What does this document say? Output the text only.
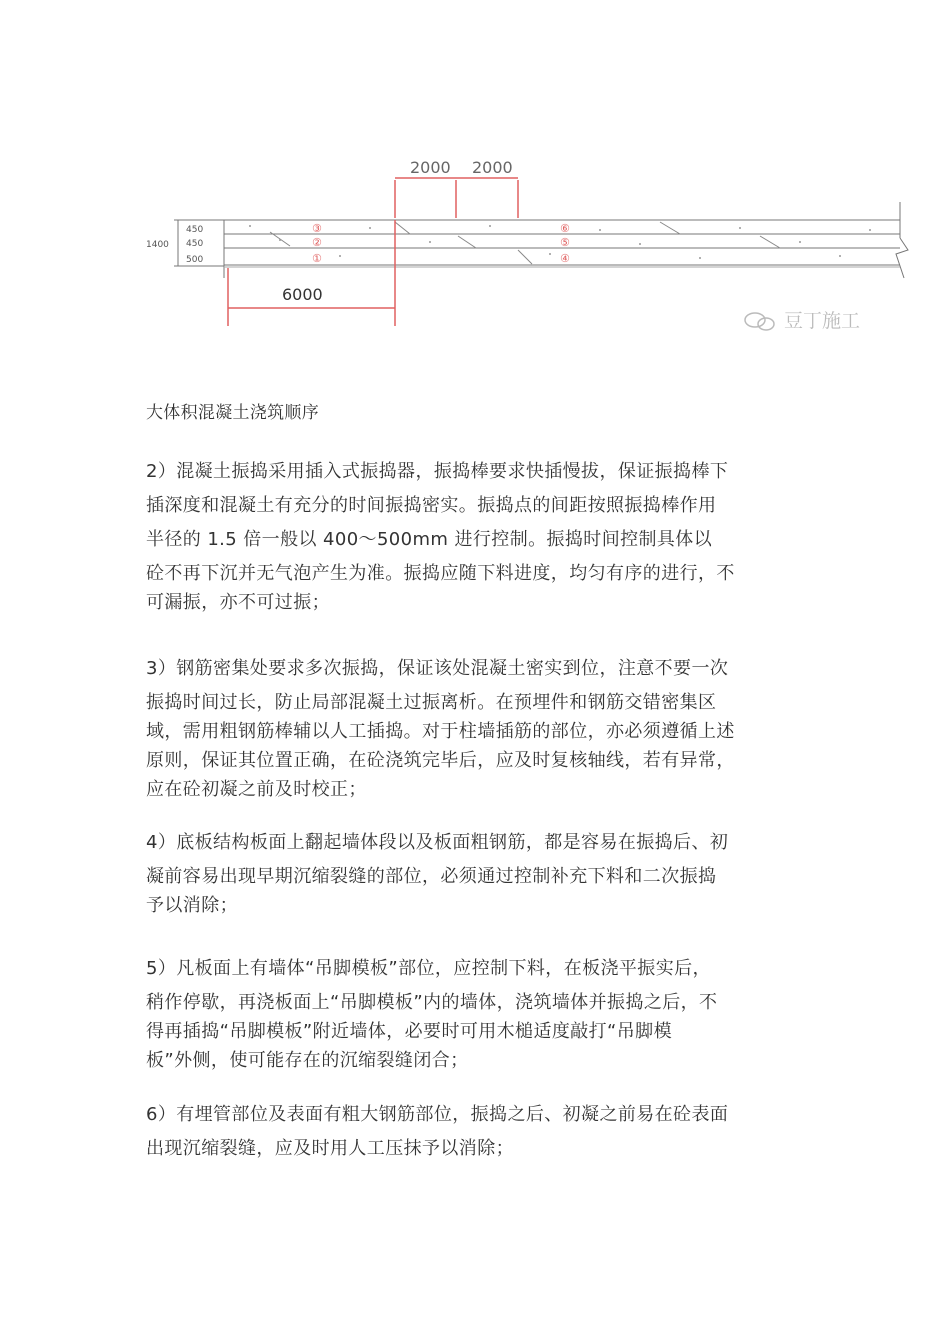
2000 2000
1400
450
450
500
③
②
①
⑥
⑤
④
6000
豆丁施工
大体积混凝土浇筑顺序
2）混凝土振捣采用插入式振捣器，振捣棒要求快插慢拔，保证振捣棒下
插深度和混凝土有充分的时间振捣密实。振捣点的间距按照振捣棒作用
半径的 1.5 倍一般以 400～500mm 进行控制。振捣时间控制具体以
砼不再下沉并无气泡产生为准。振捣应随下料进度，均匀有序的进行，不
可漏振，亦不可过振；
3）钢筋密集处要求多次振捣，保证该处混凝土密实到位，注意不要一次
振捣时间过长，防止局部混凝土过振离析。在预埋件和钢筋交错密集区
域，需用粗钢筋棒辅以人工插捣。对于柱墙插筋的部位，亦必须遵循上述
原则，保证其位置正确，在砼浇筑完毕后，应及时复核轴线，若有异常，
应在砼初凝之前及时校正；
4）底板结构板面上翻起墙体段以及板面粗钢筋，都是容易在振捣后、初
凝前容易出现早期沉缩裂缝的部位，必须通过控制补充下料和二次振捣
予以消除；
5）凡板面上有墙体“吊脚模板”部位，应控制下料，在板浇平振实后，
稍作停歇，再浇板面上“吊脚模板”内的墙体，浇筑墙体并振捣之后，不
得再插捣“吊脚模板”附近墙体，必要时可用木槌适度敲打“吊脚模
板”外侧，使可能存在的沉缩裂缝闭合；
6）有埋管部位及表面有粗大钢筋部位，振捣之后、初凝之前易在砼表面
出现沉缩裂缝，应及时用人工压抹予以消除；
